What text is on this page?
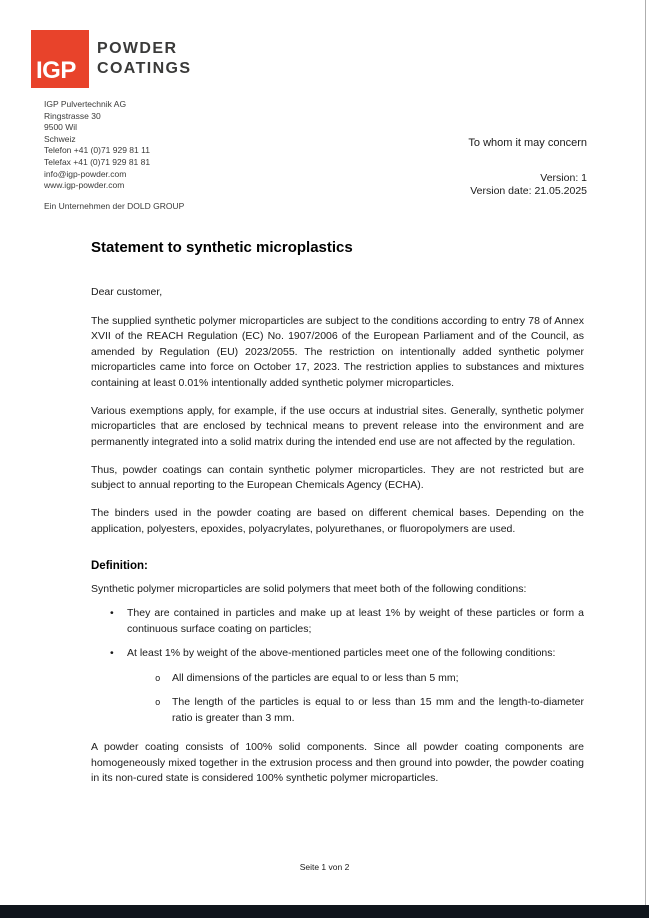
IGP
POWDER
COATINGS
IGP Pulvertechnik AG
Ringstrasse 30
9500 Wil
Schweiz
Telefon +41 (0)71 929 81 11
Telefax +41 (0)71 929 81 81
info@igp-powder.com
www.igp-powder.com
Ein Unternehmen der DOLD GROUP
To whom it may concern
Version: 1
Version date: 21.05.2025
Statement to synthetic microplastics

Dear customer,

The supplied synthetic polymer microparticles are subject to the conditions according to entry 78 of Annex XVII of the REACH Regulation (EC) No. 1907/2006 of the European Parliament and of the Council, as amended by Regulation (EU) 2023/2055. The restriction on intentionally added synthetic polymer microparticles came into force on October 17, 2023. The restriction applies to substances and mixtures containing at least 0.01% intentionally added synthetic polymer microparticles.

Various exemptions apply, for example, if the use occurs at industrial sites. Generally, synthetic polymer microparticles that are enclosed by technical means to prevent release into the environment and are permanently integrated into a solid matrix during the intended end use are not affected by the regulation.

Thus, powder coatings can contain synthetic polymer microparticles. They are not restricted but are subject to annual reporting to the European Chemicals Agency (ECHA).

The binders used in the powder coating are based on different chemical bases. Depending on the application, polyesters, epoxides, polyacrylates, polyurethanes, or fluoropolymers are used.

Definition:

Synthetic polymer microparticles are solid polymers that meet both of the following conditions:

• They are contained in particles and make up at least 1% by weight of these particles or form a continuous surface coating on particles;
• At least 1% by weight of the above-mentioned particles meet one of the following conditions:
o All dimensions of the particles are equal to or less than 5 mm;
o The length of the particles is equal to or less than 15 mm and the length-to-diameter ratio is greater than 3 mm.

A powder coating consists of 100% solid components. Since all powder coating components are homogeneously mixed together in the extrusion process and then ground into powder, the powder coating in its non-cured state is considered 100% synthetic polymer microparticles.

Seite 1 von 2
